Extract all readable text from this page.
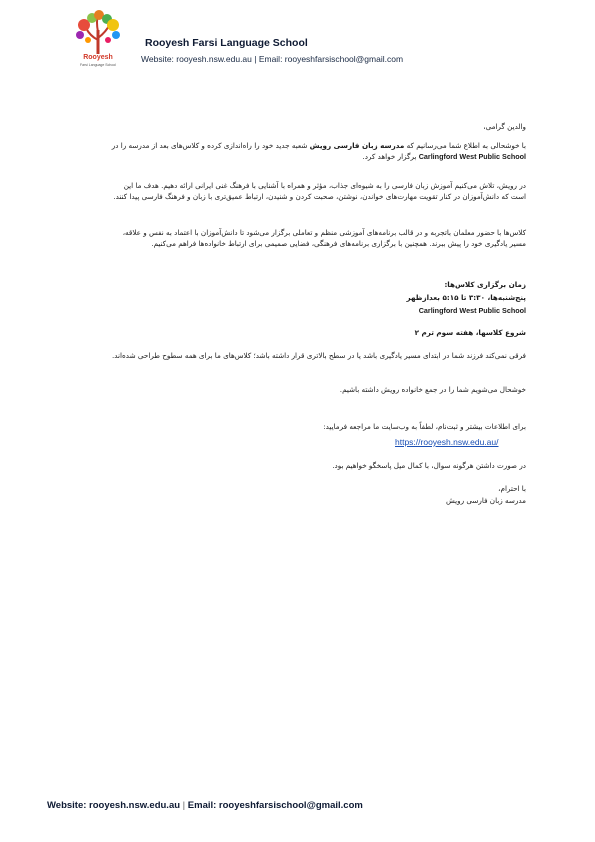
Rooyesh
Farsi Language School
Rooyesh Farsi Language School
Website: rooyesh.nsw.edu.au | Email: rooyeshfarsischool@gmail.com

والدین گرامی،

با خوشحالی به اطلاع شما می‌رسانیم که مدرسه زبان فارسی رویش شعبه جدید خود را راه‌اندازی کرده و کلاس‌های بعد از مدرسه را در Carlingford West Public School برگزار خواهد کرد.

در رویش، تلاش می‌کنیم آموزش زبان فارسی را به شیوه‌ای جذاب، مؤثر و همراه با آشنایی با فرهنگ غنی ایرانی ارائه دهیم. هدف ما این است که دانش‌آموزان در کنار تقویت مهارت‌های خواندن، نوشتن، صحبت کردن و شنیدن، ارتباط عمیق‌تری با زبان و فرهنگ فارسی پیدا کنند.

کلاس‌ها با حضور معلمان باتجربه و در قالب برنامه‌های آموزشی منظم و تعاملی برگزار می‌شود تا دانش‌آموزان با اعتماد به نفس و علاقه، مسیر یادگیری خود را پیش ببرند. همچنین با برگزاری برنامه‌های فرهنگی، فضایی صمیمی برای ارتباط خانواده‌ها فراهم می‌کنیم.

زمان برگزاری کلاس‌ها:

پنج‌شنبه‌ها، ۳:۳۰ تا ۵:۱۵ بعدازظهر

Carlingford West Public School

شروع کلاسها، هفته سوم ترم ۲

فرقی نمی‌کند فرزند شما در ابتدای مسیر یادگیری باشد یا در سطح بالاتری قرار داشته باشد؛ کلاس‌های ما برای همه سطوح طراحی شده‌اند.

خوشحال می‌شویم شما را در جمع خانواده رویش داشته باشیم.

برای اطلاعات بیشتر و ثبت‌نام، لطفاً به وب‌سایت ما مراجعه فرمایید:

https://rooyesh.nsw.edu.au/

در صورت داشتن هرگونه سوال، با کمال میل پاسخگو خواهیم بود.

با احترام،

مدرسه زبان فارسی رویش

Website: rooyesh.nsw.edu.au | Email: rooyeshfarsischool@gmail.com
